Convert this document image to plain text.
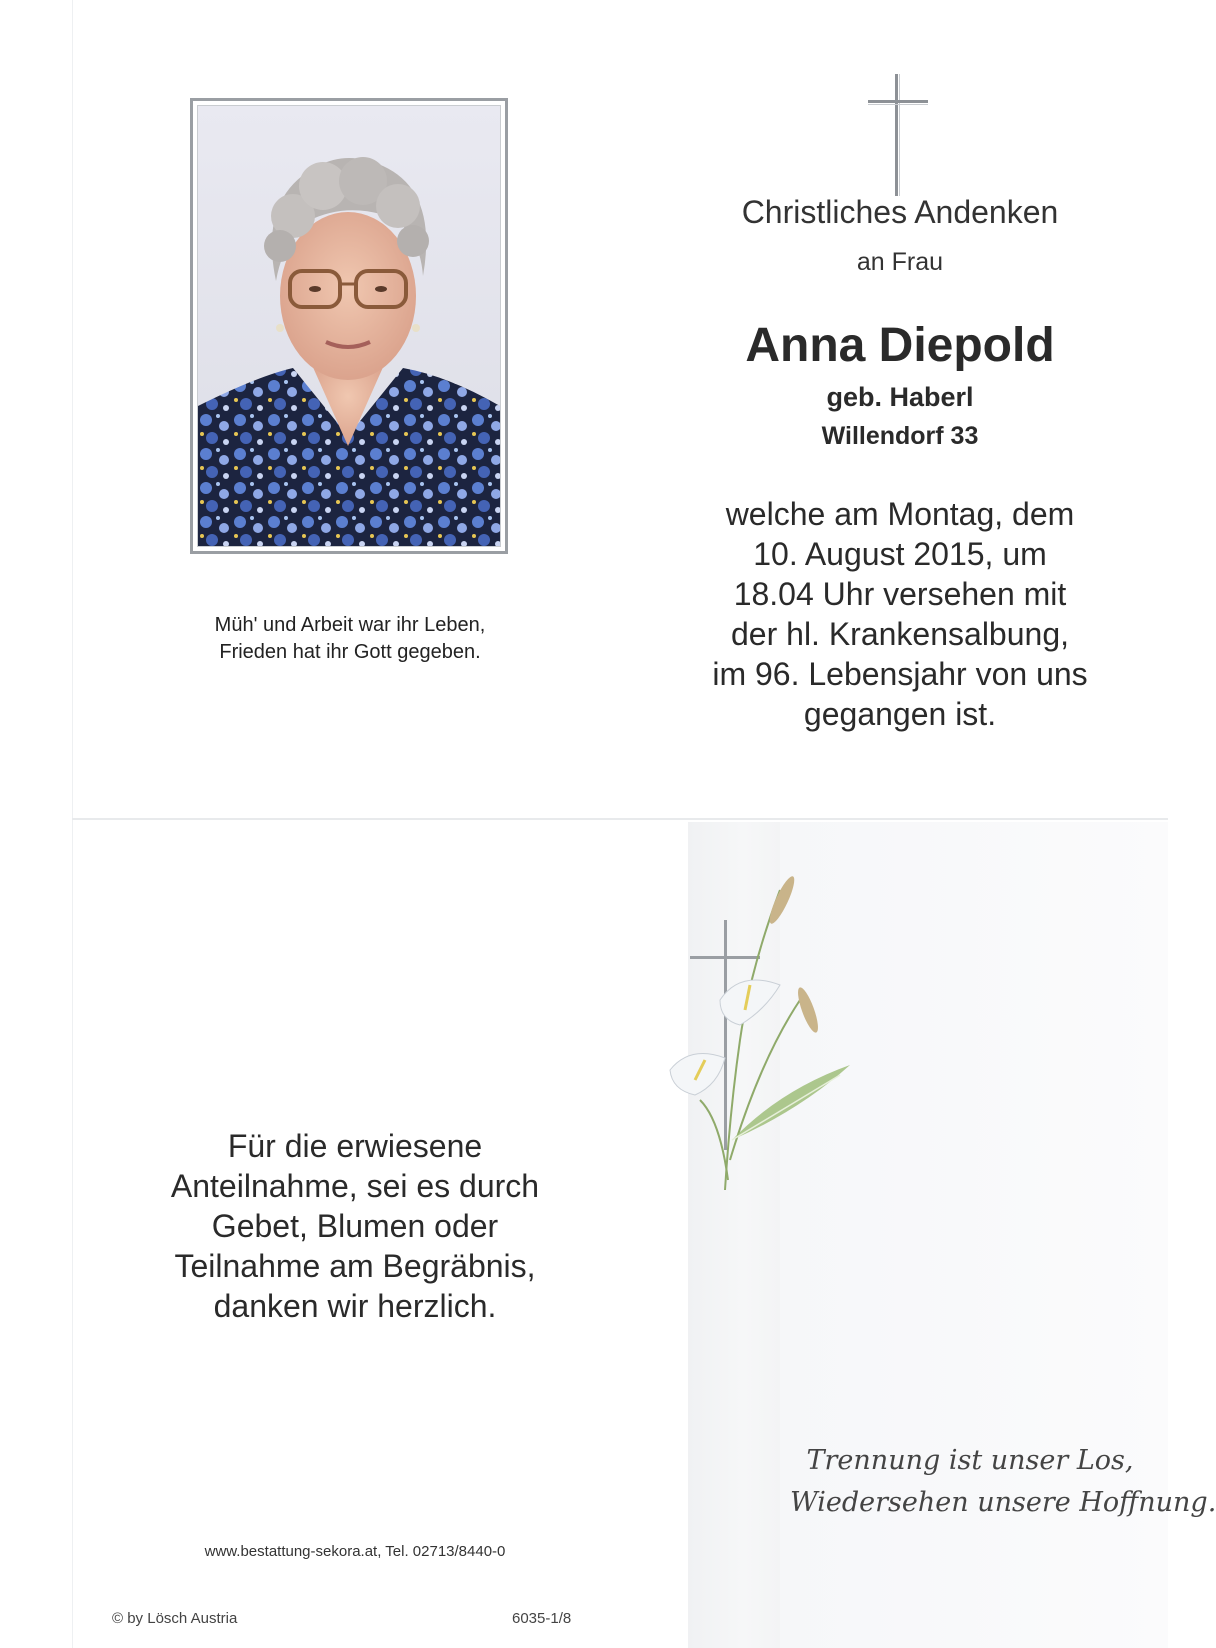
Müh' und Arbeit war ihr Leben,
Frieden hat ihr Gott gegeben.
Christliches Andenken
an Frau
Anna Diepold
geb. Haberl
Willendorf 33
welche am Montag, dem
10. August 2015, um
18.04 Uhr versehen mit
der hl. Krankensalbung,
im 96. Lebensjahr von uns
gegangen ist.
Für die erwiesene
Anteilnahme, sei es durch
Gebet, Blumen oder
Teilnahme am Begräbnis,
danken wir herzlich.
www.bestattung-sekora.at, Tel. 02713/8440-0
© by Lösch Austria	6035-1/8
Trennung ist unser Los,
Wiedersehen unsere Hoffnung.
